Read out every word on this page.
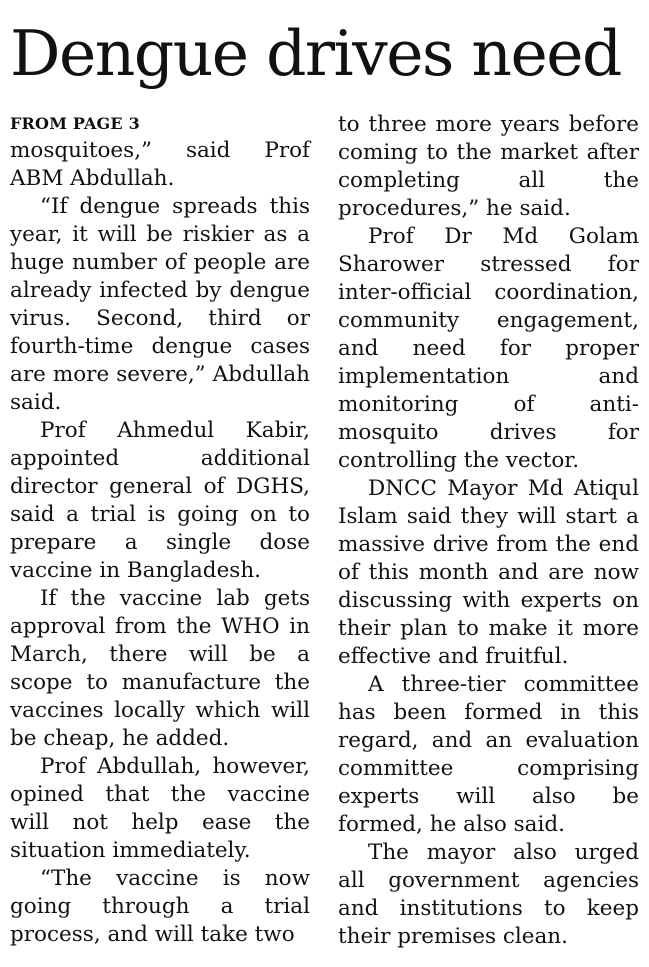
Dengue drives need
FROM PAGE 3

mosquitoes,” said Prof ABM Abdullah.

“If dengue spreads this year, it will be riskier as a huge number of people are already infected by dengue virus. Second, third or fourth-time dengue cases are more severe,” Abdullah said.

Prof Ahmedul Kabir, appointed additional director general of DGHS, said a trial is going on to prepare a single dose vaccine in Bangladesh.

If the vaccine lab gets approval from the WHO in March, there will be a scope to manufacture the vaccines locally which will be cheap, he added.

Prof Abdullah, however, opined that the vaccine will not help ease the situation immediately.

“The vaccine is now going through a trial process, and will take two

to three more years before coming to the market after completing all the procedures,” he said.

Prof Dr Md Golam Sharower stressed for inter-official coordination, community engagement, and need for proper implementation and monitoring of anti-mosquito drives for controlling the vector.

DNCC Mayor Md Atiqul Islam said they will start a massive drive from the end of this month and are now discussing with experts on their plan to make it more effective and fruitful.

A three-tier committee has been formed in this regard, and an evaluation committee comprising experts will also be formed, he also said.

The mayor also urged all government agencies and institutions to keep their premises clean.
